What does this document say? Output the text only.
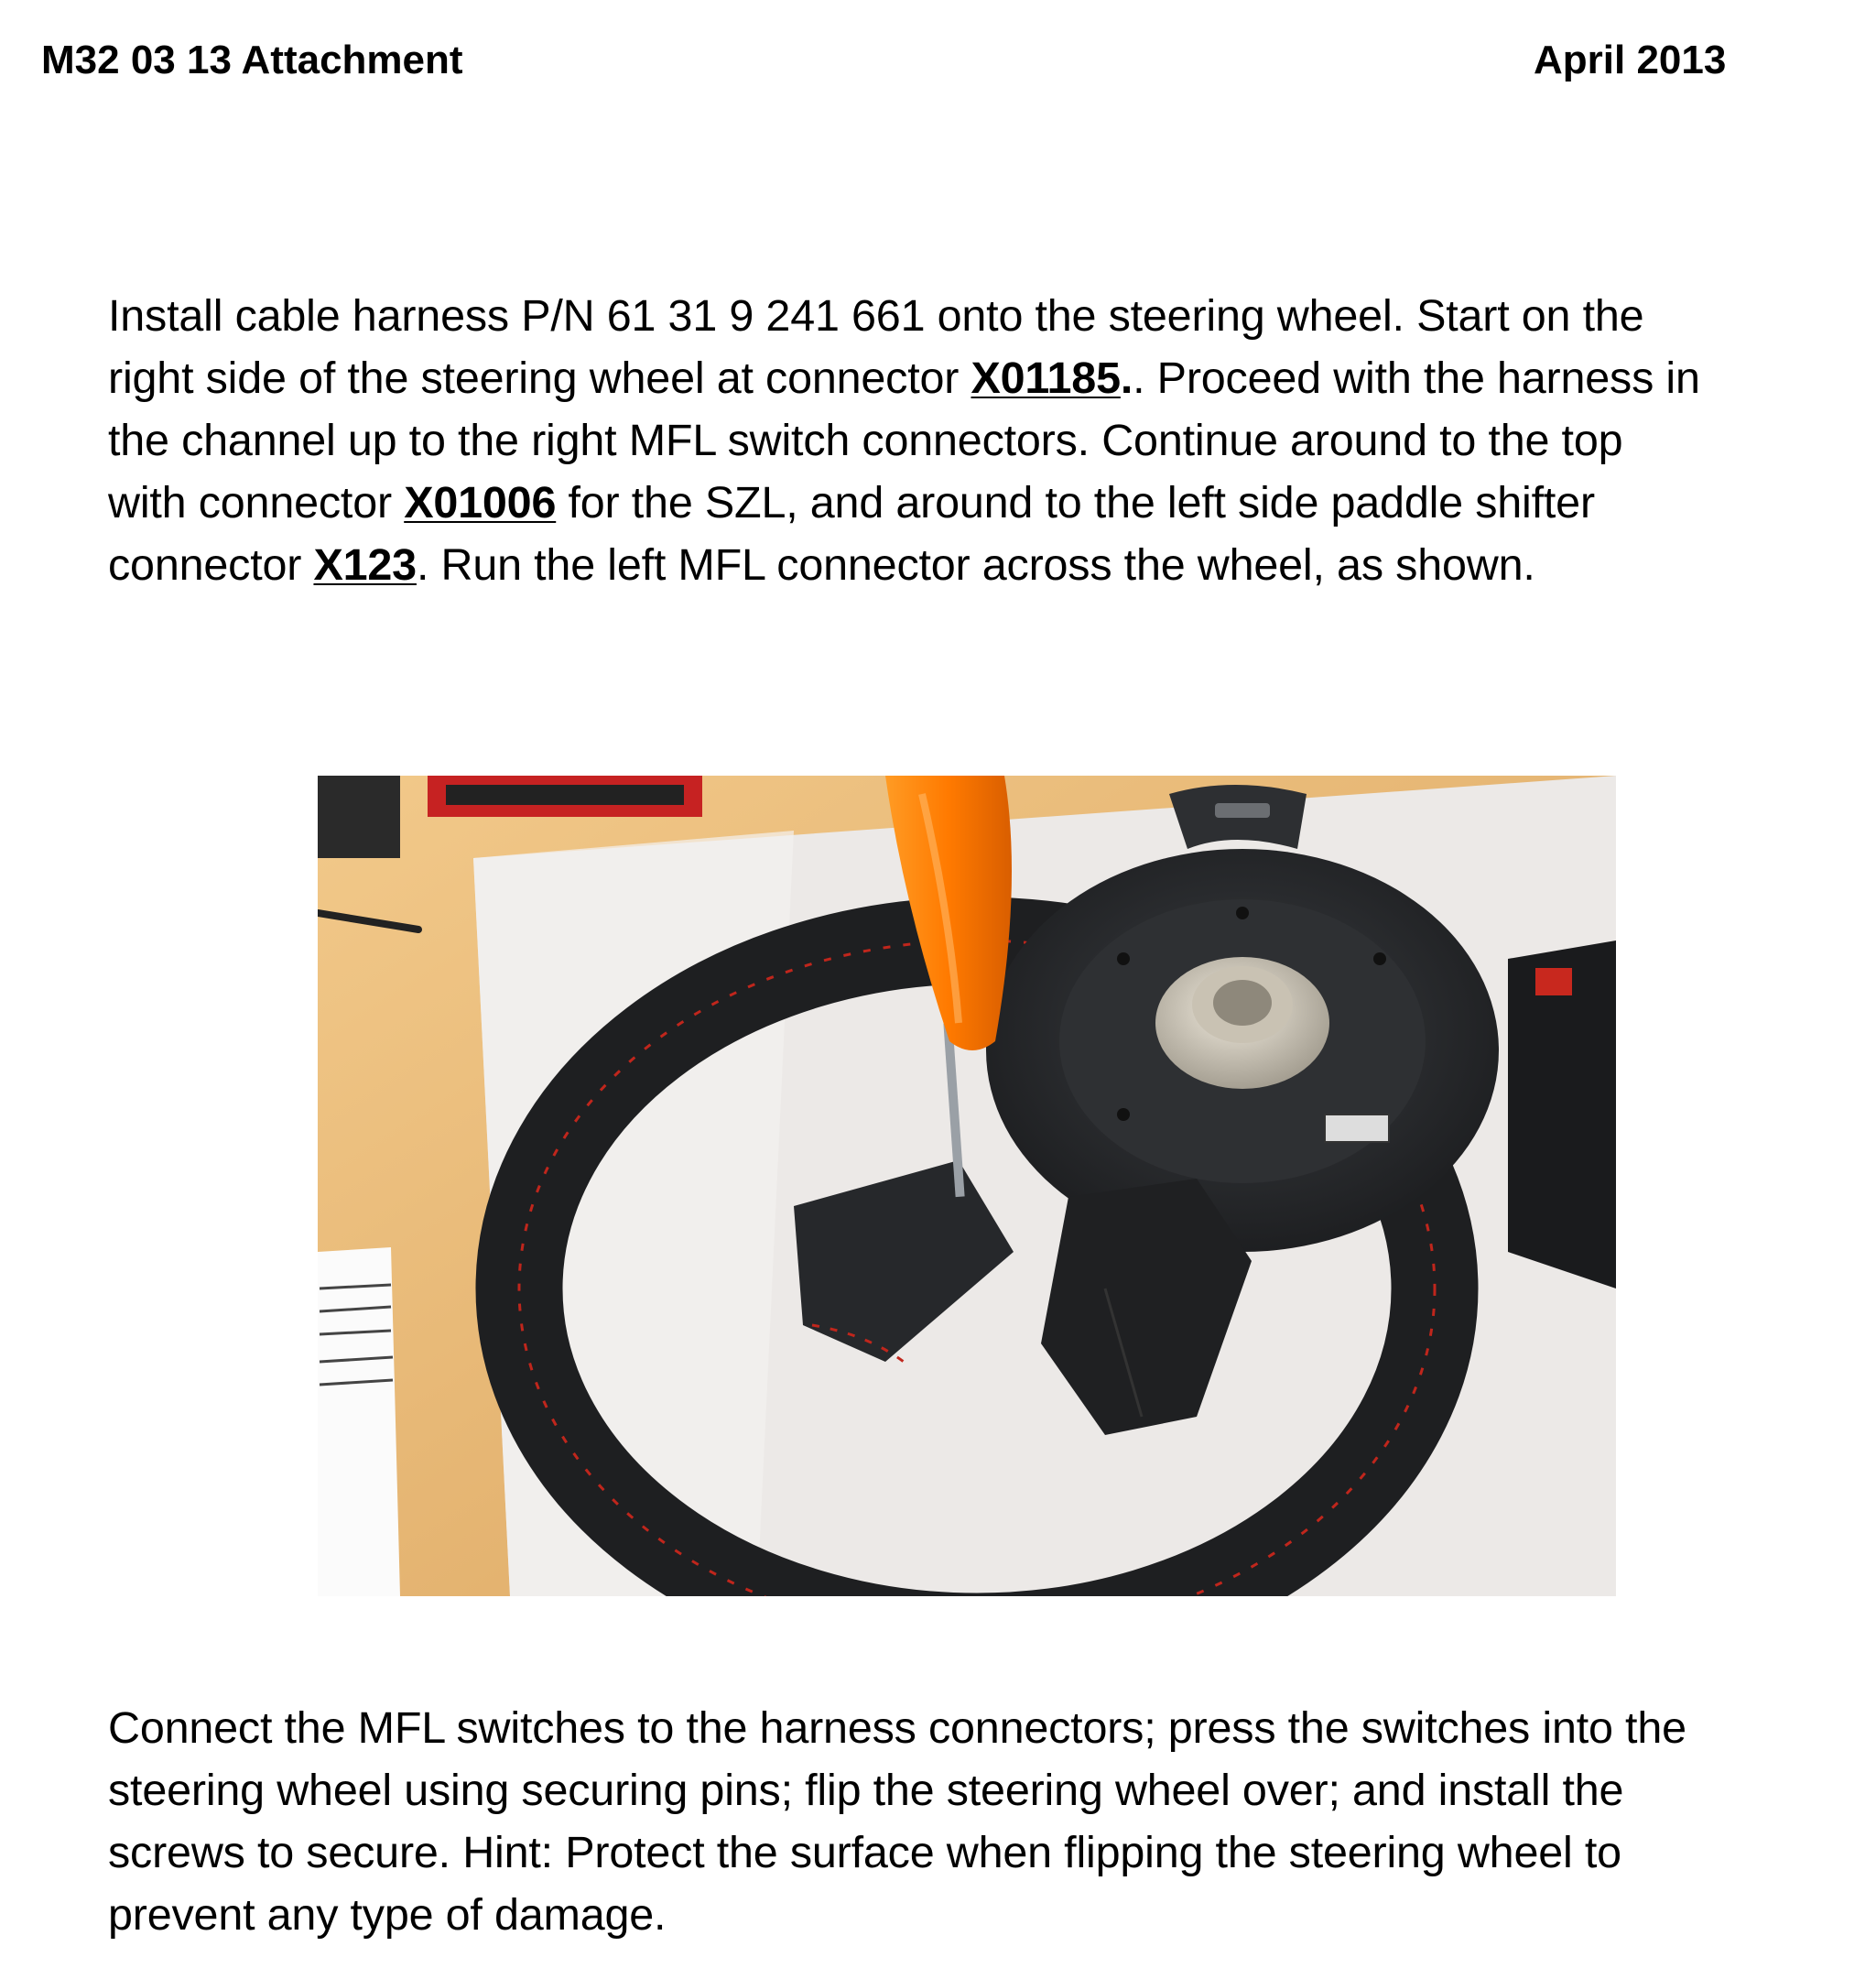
M32 03 13 Attachment	April 2013
Install cable harness P/N 61 31 9 241 661 onto the steering wheel. Start on the
right side of the steering wheel at connector X01185.. Proceed with the harness in
the channel up to the right MFL switch connectors. Continue around to the top
with connector X01006 for the SZL, and around to the left side paddle shifter
connector X123. Run the left MFL connector across the wheel, as shown.
Connect the MFL switches to the harness connectors; press the switches into the
steering wheel using securing pins; flip the steering wheel over; and install the
screws to secure. Hint: Protect the surface when flipping the steering wheel to
prevent any type of damage.
